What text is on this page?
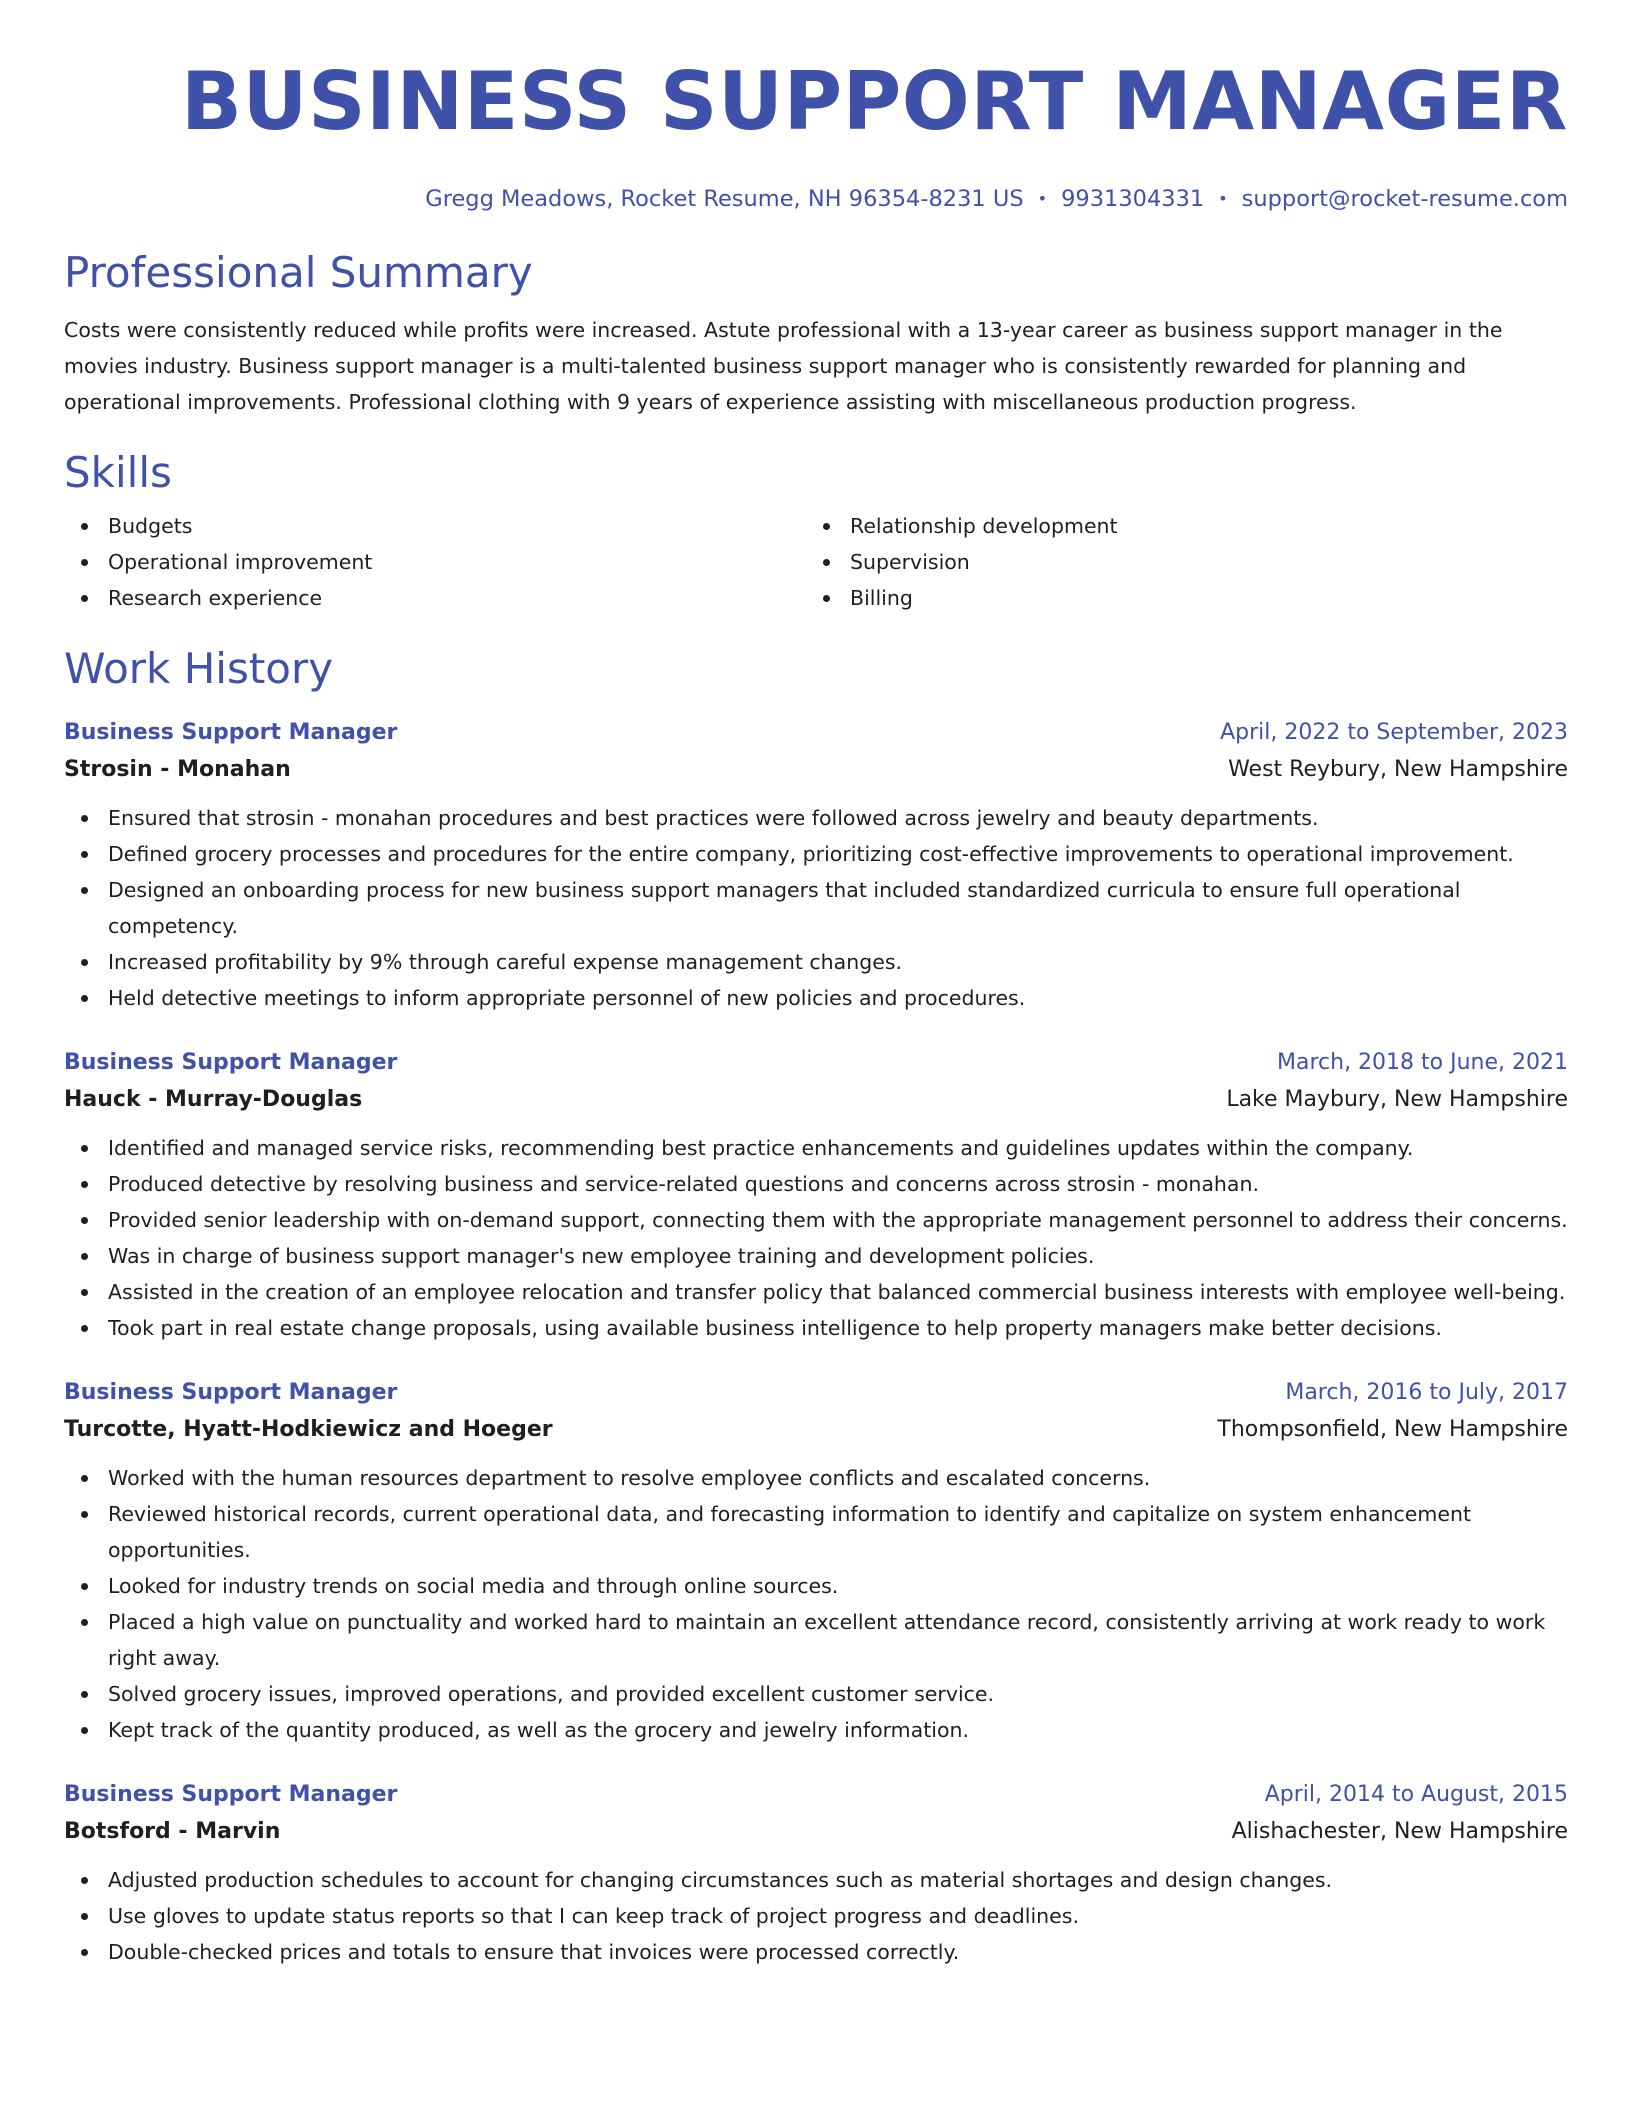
BUSINESS SUPPORT MANAGER
Gregg Meadows, Rocket Resume, NH 96354-8231 US • 9931304331 • support@rocket-resume.com
Professional Summary

Costs were consistently reduced while profits were increased. Astute professional with a 13-year career as business support manager in the movies industry. Business support manager is a multi-talented business support manager who is consistently rewarded for planning and operational improvements. Professional clothing with 9 years of experience assisting with miscellaneous production progress.

Skills
Budgets
Operational improvement
Research experience
Relationship development
Supervision
Billing
Work History
Business Support Manager	April, 2022 to September, 2023
Strosin - Monahan	West Reybury, New Hampshire
Ensured that strosin - monahan procedures and best practices were followed across jewelry and beauty departments.
Defined grocery processes and procedures for the entire company, prioritizing cost-effective improvements to operational improvement.
Designed an onboarding process for new business support managers that included standardized curricula to ensure full operational competency.
Increased profitability by 9% through careful expense management changes.
Held detective meetings to inform appropriate personnel of new policies and procedures.
Business Support Manager	March, 2018 to June, 2021
Hauck - Murray-Douglas	Lake Maybury, New Hampshire
Identified and managed service risks, recommending best practice enhancements and guidelines updates within the company.
Produced detective by resolving business and service-related questions and concerns across strosin - monahan.
Provided senior leadership with on-demand support, connecting them with the appropriate management personnel to address their concerns.
Was in charge of business support manager's new employee training and development policies.
Assisted in the creation of an employee relocation and transfer policy that balanced commercial business interests with employee well-being.
Took part in real estate change proposals, using available business intelligence to help property managers make better decisions.
Business Support Manager	March, 2016 to July, 2017
Turcotte, Hyatt-Hodkiewicz and Hoeger	Thompsonfield, New Hampshire
Worked with the human resources department to resolve employee conflicts and escalated concerns.
Reviewed historical records, current operational data, and forecasting information to identify and capitalize on system enhancement opportunities.
Looked for industry trends on social media and through online sources.
Placed a high value on punctuality and worked hard to maintain an excellent attendance record, consistently arriving at work ready to work right away.
Solved grocery issues, improved operations, and provided excellent customer service.
Kept track of the quantity produced, as well as the grocery and jewelry information.
Business Support Manager	April, 2014 to August, 2015
Botsford - Marvin	Alishachester, New Hampshire
Adjusted production schedules to account for changing circumstances such as material shortages and design changes.
Use gloves to update status reports so that I can keep track of project progress and deadlines.
Double-checked prices and totals to ensure that invoices were processed correctly.
